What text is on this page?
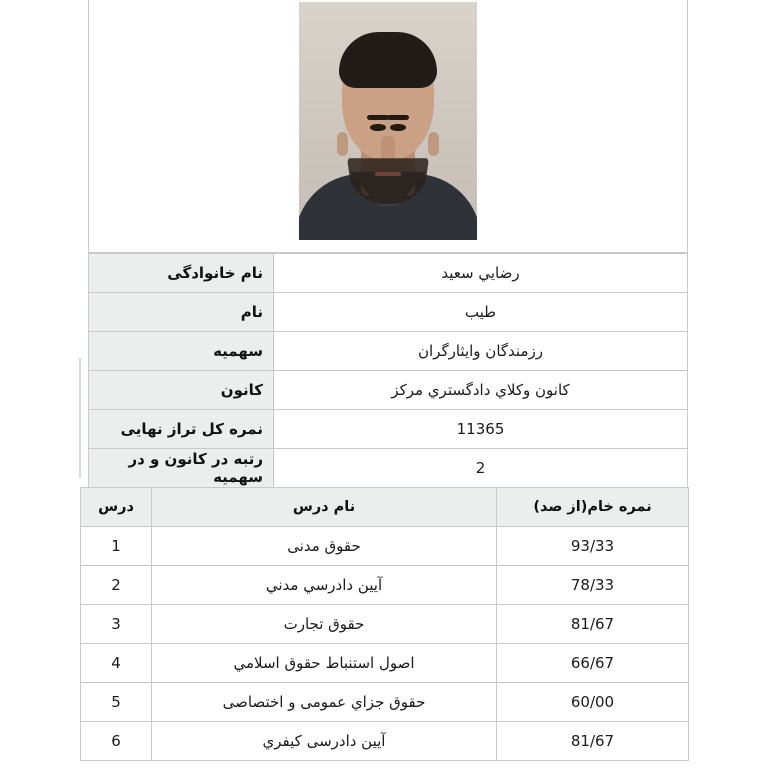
رضايي سعيد	نام خانوادگی
طیب	نام
رزمندگان وایثارگران	سهمیه
کانون وکلاي دادگستري مرکز	کانون
11365	نمره کل تراز نهایی
2	رتبه در کانون و در سهمیه
نمره خام(از صد)	نام درس	درس
93/33	حقوق مدنی	1
78/33	آیین دادرسي مدني	2
81/67	حقوق تجارت	3
66/67	اصول استنباط حقوق اسلامي	4
60/00	حقوق جزاي عمومی و اختصاصی	5
81/67	آیین دادرسی کیفري	6
